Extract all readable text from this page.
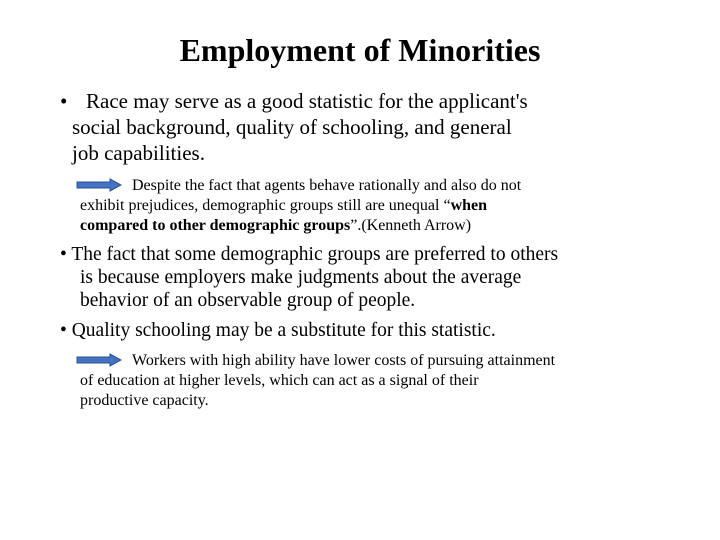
Employment of Minorities
• Race may serve as a good statistic for the applicant's
social background, quality of schooling, and general
job capabilities.
Despite the fact that agents behave rationally and also do not
exhibit prejudices, demographic groups still are unequal “when
compared to other demographic groups”.(Kenneth Arrow)
• The fact that some demographic groups are preferred to others
is because employers make judgments about the average
behavior of an observable group of people.
• Quality schooling may be a substitute for this statistic.
Workers with high ability have lower costs of pursuing attainment
of education at higher levels, which can act as a signal of their
productive capacity.
